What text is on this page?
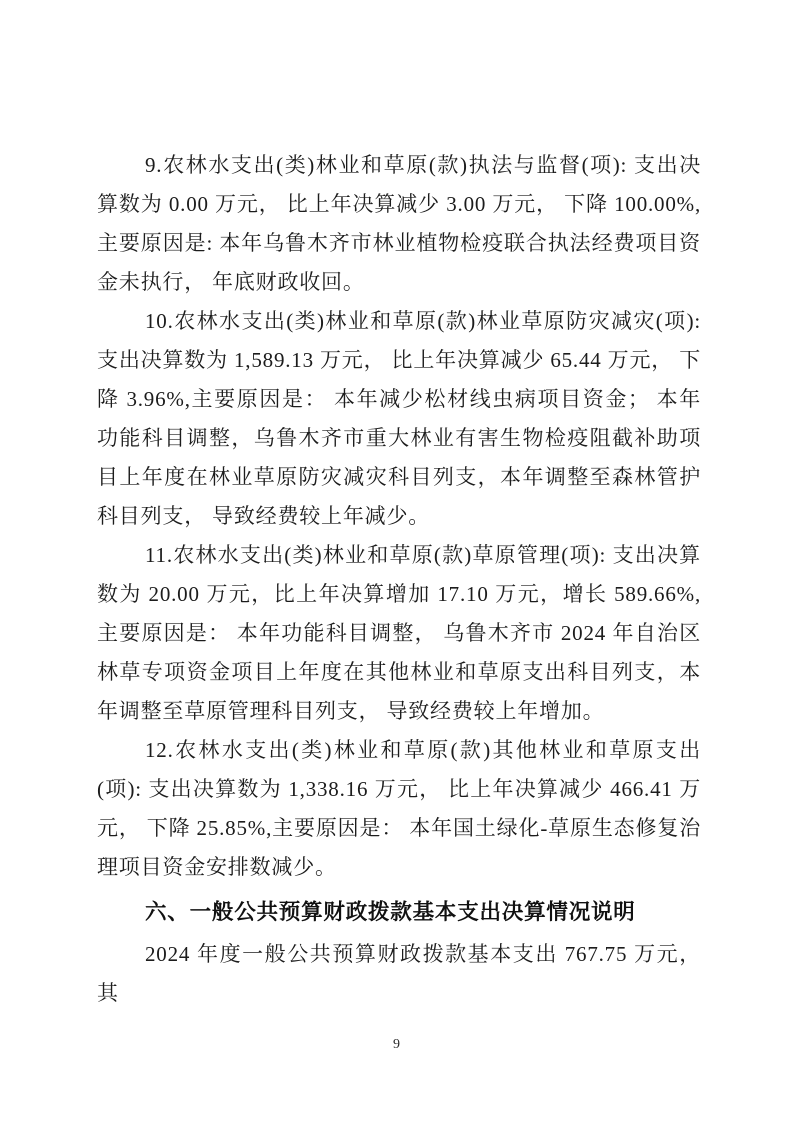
9.农林水支出(类)林业和草原(款)执法与监督(项): 支出决算数为 0.00 万元， 比上年决算减少 3.00 万元， 下降 100.00%, 主要原因是: 本年乌鲁木齐市林业植物检疫联合执法经费项目资金未执行， 年底财政收回。

10.农林水支出(类)林业和草原(款)林业草原防灾减灾(项): 支出决算数为 1,589.13 万元， 比上年决算减少 65.44 万元， 下降 3.96%,主要原因是： 本年减少松材线虫病项目资金； 本年功能科目调整，乌鲁木齐市重大林业有害生物检疫阻截补助项目上年度在林业草原防灾减灾科目列支，本年调整至森林管护科目列支， 导致经费较上年减少。

11.农林水支出(类)林业和草原(款)草原管理(项): 支出决算数为 20.00 万元，比上年决算增加 17.10 万元，增长 589.66%, 主要原因是： 本年功能科目调整， 乌鲁木齐市 2024 年自治区林草专项资金项目上年度在其他林业和草原支出科目列支，本年调整至草原管理科目列支， 导致经费较上年增加。

12.农林水支出(类)林业和草原(款)其他林业和草原支出(项): 支出决算数为 1,338.16 万元， 比上年决算减少 466.41 万元， 下降 25.85%,主要原因是： 本年国土绿化-草原生态修复治理项目资金安排数减少。

六、一般公共预算财政拨款基本支出决算情况说明

2024 年度一般公共预算财政拨款基本支出 767.75 万元，其

9
